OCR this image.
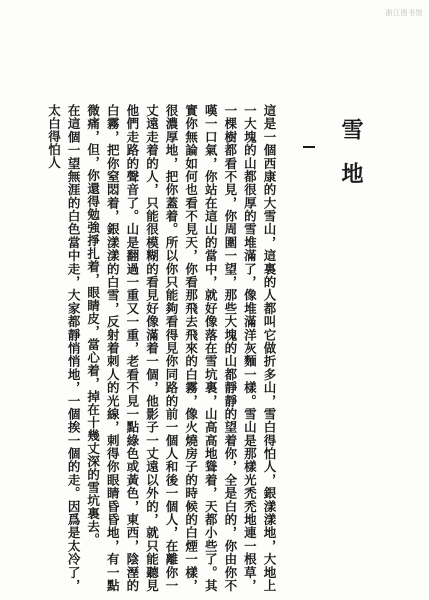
浙江图书馆
雪地

這是一個西康的大雪山，這裏的人都叫它做折多山，雪白得怕人，銀漾漾地，大地上一大塊的山都很厚的雪堆滿了，像堆滿洋灰麵一樣。雪山是那樣光禿禿地連一根草，一棵樹都看不見，你周圍一望，那些大塊的山都靜靜的望着你，全是白的，你由你不嘆一口氣，你站在這山的當中，就好像落在雪坑裏，山高高地聳着，天都小些了。其實你無論如何也看不見天，你看那飛去飛來的白霧，像火燒房子的時候的白煙一樣，很濃厚地，把你蓋着。所以你只能夠看得見你同路的前一個人和後一個人，在離你一丈遠走着的人，只能很模糊的看見好像滿着一個，他影子一丈遠以外的，就只能聽見他們走路的聲音了。山是翻過一重又一重，老看不見一點綠色或黃色，東西，陰溼的白霧，把你窒悶着，銀漾漾的白雪，反射着刺人的光線，刺得你眼睛昏昏地，有一點微痛，但，你還得勉強掙扎着，眼睛皮，當心着，掉在十幾丈深的雪坑裏去。

在這個一望無涯的白色當中走，大家都靜悄悄地，一個挨一個的走。因爲是太冷了，太白得怕人
